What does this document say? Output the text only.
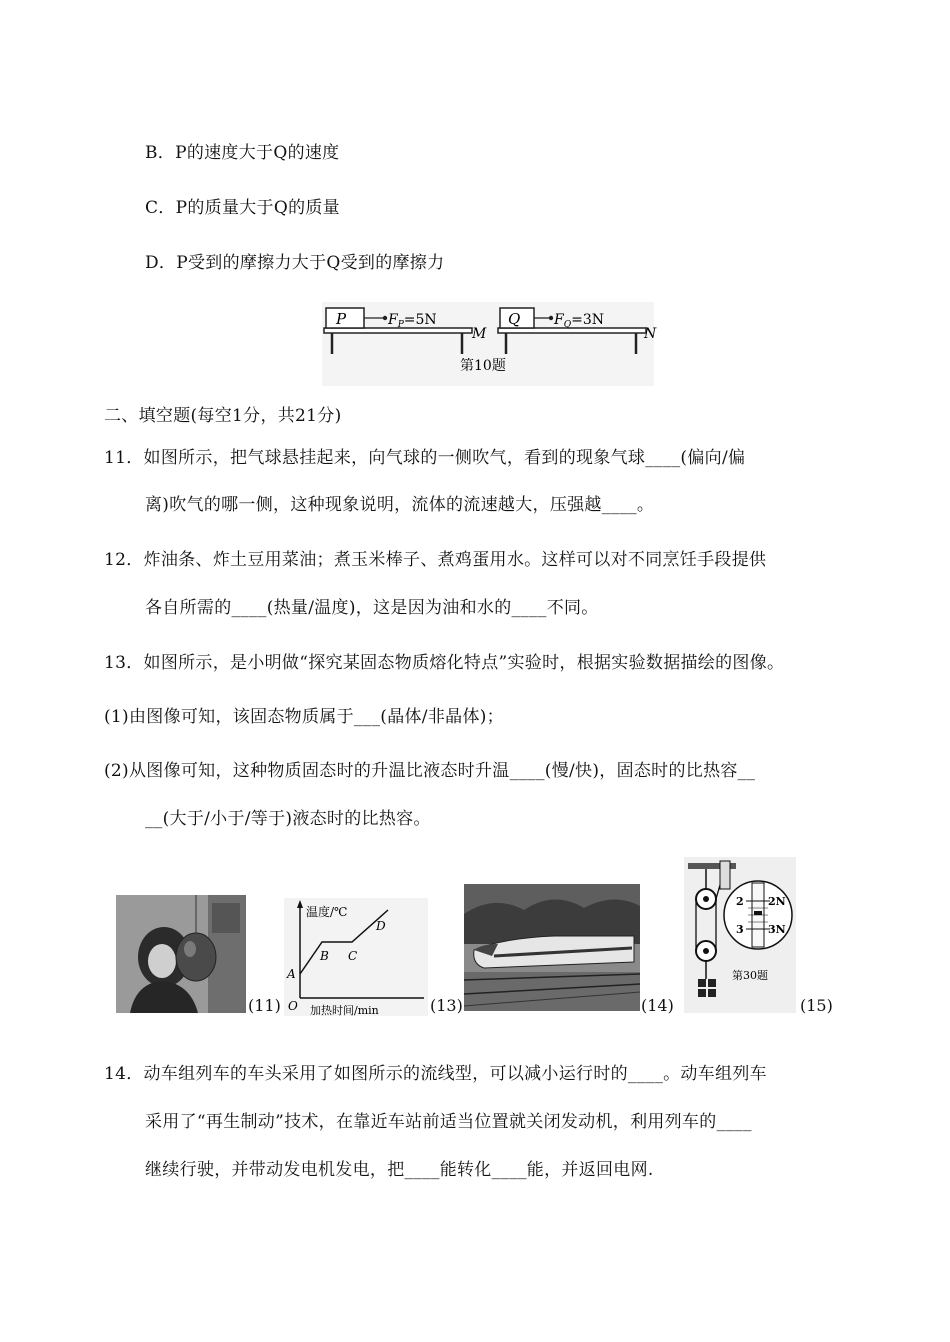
B．P的速度大于Q的速度
C．P的质量大于Q的质量
D．P受到的摩擦力大于Q受到的摩擦力
P	$F_P=5N$
M
Q $F_Q=3N$
N
第10题
二、填空题(每空1分，共21分)
11．如图所示，把气球悬挂起来，向气球的一侧吹气，看到的现象气球____(偏向/偏
离)吹气的哪一侧，这种现象说明，流体的流速越大，压强越____。
12．炸油条、炸土豆用菜油；煮玉米棒子、煮鸡蛋用水。这样可以对不同烹饪手段提供
各自所需的____(热量/温度)，这是因为油和水的____不同。
13．如图所示，是小明做“探究某固态物质熔化特点”实验时，根据实验数据描绘的图像。
(1)由图像可知，该固态物质属于___(晶体/非晶体)；
(2)从图像可知，这种物质固态时的升温比液态时升温____(慢/快)，固态时的比热容__
__(大于/小于/等于)液态时的比热容。
(11)
温度/℃
O
A
B C
D
加热时间/min	(13)	(14)
2
3
2N
3N
第30题
(15)
14．动车组列车的车头采用了如图所示的流线型，可以减小运行时的____。动车组列车
采用了“再生制动”技术，在靠近车站前适当位置就关闭发动机，利用列车的____
继续行驶，并带动发电机发电，把____能转化____能，并返回电网.
